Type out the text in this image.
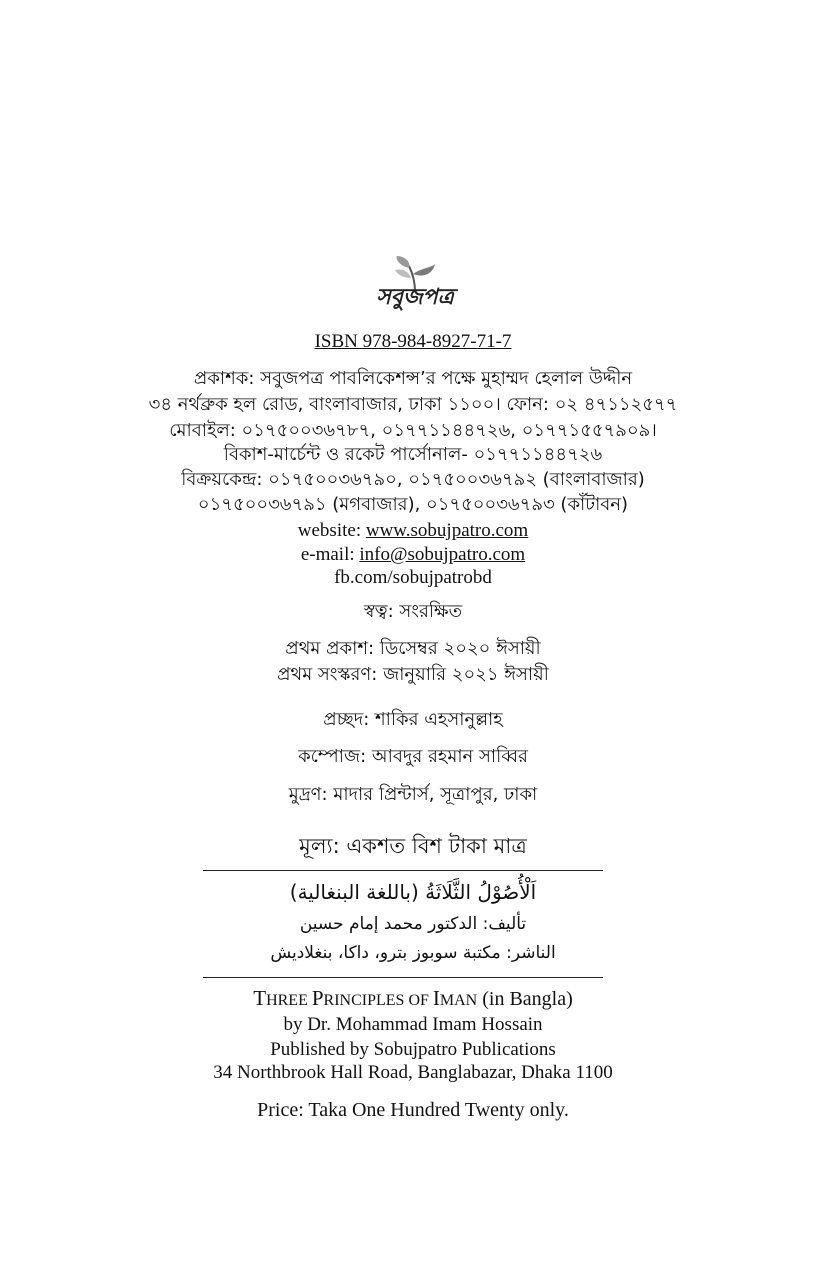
সবুজপত্র
ISBN 978-984-8927-71-7
প্রকাশক: সবুজপত্র পাবলিকেশন্স’র পক্ষে মুহাম্মদ হেলাল উদ্দীন
৩৪ নর্থব্রুক হল রোড, বাংলাবাজার, ঢাকা ১১০০। ফোন: ০২ ৪৭১১২৫৭৭
মোবাইল: ০১৭৫০০৩৬৭৮৭, ০১৭৭১১৪৪৭২৬, ০১৭৭১৫৫৭৯০৯।
বিকাশ-মার্চেন্ট ও রকেট পার্সোনাল- ০১৭৭১১৪৪৭২৬
বিক্রয়কেন্দ্র: ০১৭৫০০৩৬৭৯০, ০১৭৫০০৩৬৭৯২ (বাংলাবাজার)
০১৭৫০০৩৬৭৯১ (মগবাজার), ০১৭৫০০৩৬৭৯৩ (কাঁটাবন)
website: www.sobujpatro.com
e-mail: info@sobujpatro.com
fb.com/sobujpatrobd
স্বত্ব: সংরক্ষিত
প্রথম প্রকাশ: ডিসেম্বর ২০২০ ঈসায়ী
প্রথম সংস্করণ: জানুয়ারি ২০২১ ঈসায়ী
প্রচ্ছদ: শাকির এহসানুল্লাহ
কম্পোজ: আবদুর রহমান সাব্বির
মুদ্রণ: মাদার প্রিন্টার্স, সূত্রাপুর, ঢাকা
মূল্য: একশত বিশ টাকা মাত্র
اَلْأُصُوْلُ الثَّلَاثَةُ (باللغة البنغالية)
تأليف: الدكتور محمد إمام حسين
الناشر: مكتبة سوبوز بترو، داكا، بنغلاديش
THREE PRINCIPLES OF IMAN (in Bangla)
by Dr. Mohammad Imam Hossain
Published by Sobujpatro Publications
34 Northbrook Hall Road, Banglabazar, Dhaka 1100
Price: Taka One Hundred Twenty only.
